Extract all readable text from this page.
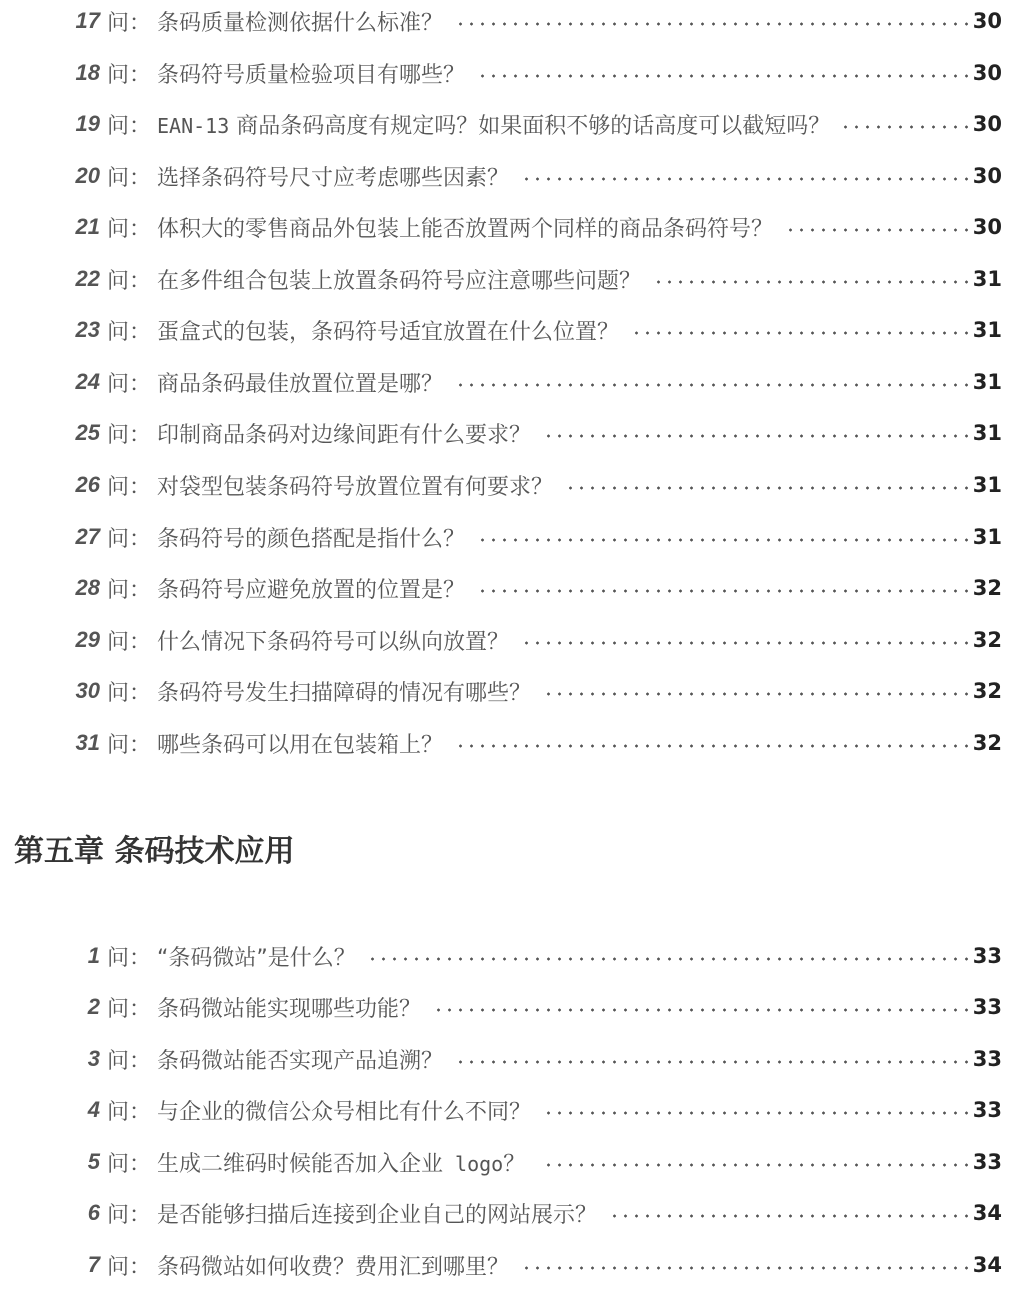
17 问： 条码质量检测依据什么标准？	30
18 问： 条码符号质量检验项目有哪些？	30
19 问： EAN-13 商品条码高度有规定吗？如果面积不够的话高度可以截短吗？	30
20 问： 选择条码符号尺寸应考虑哪些因素？	30
21 问： 体积大的零售商品外包装上能否放置两个同样的商品条码符号？	30
22 问： 在多件组合包装上放置条码符号应注意哪些问题？	31
23 问： 蛋盒式的包装，条码符号适宜放置在什么位置？	31
24 问： 商品条码最佳放置位置是哪？	31
25 问： 印制商品条码对边缘间距有什么要求？	31
26 问： 对袋型包装条码符号放置位置有何要求？	31
27 问： 条码符号的颜色搭配是指什么？	31
28 问： 条码符号应避免放置的位置是？	32
29 问： 什么情况下条码符号可以纵向放置？	32
30 问： 条码符号发生扫描障碍的情况有哪些？	32
31 问： 哪些条码可以用在包装箱上？	32
第五章 条码技术应用
1 问： “条码微站”是什么？	33
2 问： 条码微站能实现哪些功能？	33
3 问： 条码微站能否实现产品追溯？	33
4 问： 与企业的微信公众号相比有什么不同？	33
5 问： 生成二维码时候能否加入企业 logo？	33
6 问： 是否能够扫描后连接到企业自己的网站展示？	34
7 问： 条码微站如何收费？费用汇到哪里？	34
